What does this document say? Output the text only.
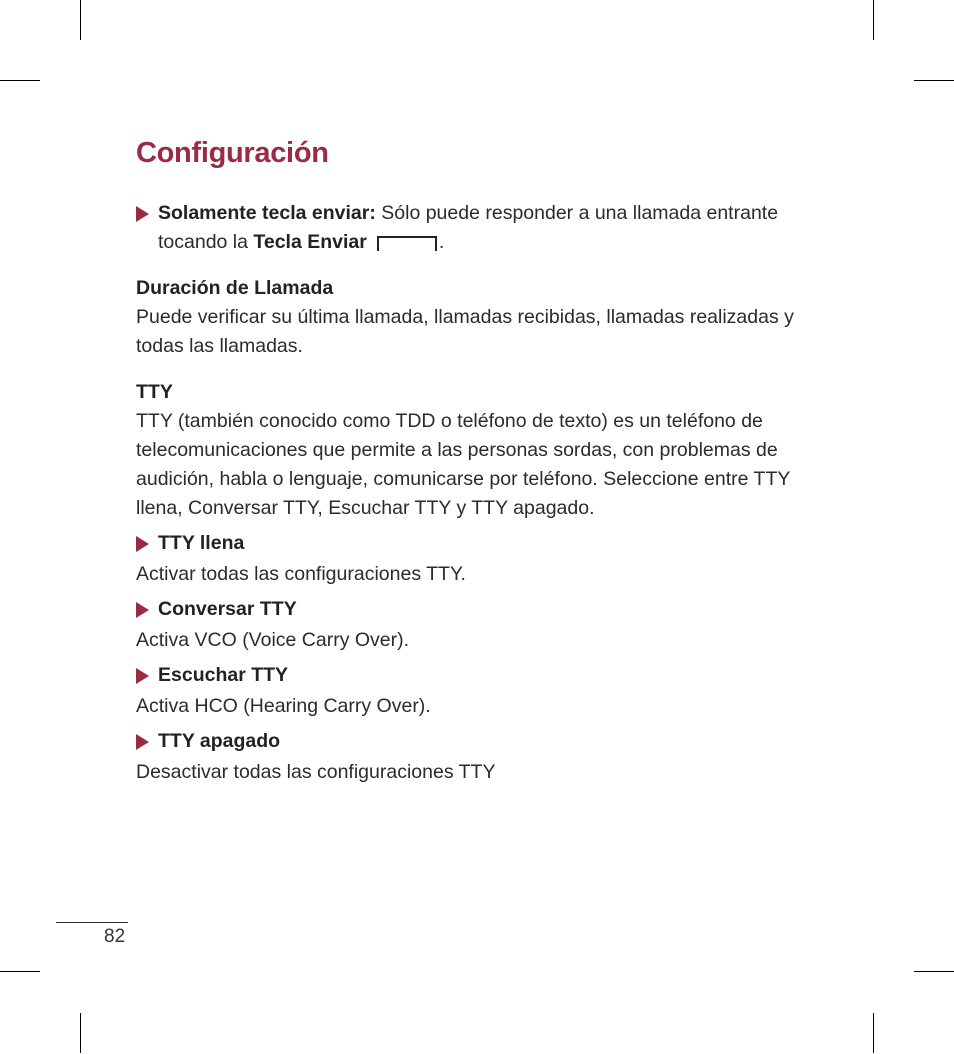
Configuración
Solamente tecla enviar: Sólo puede responder a una llamada entrante tocando la Tecla Enviar	.
Duración de Llamada

Puede verificar su última llamada, llamadas recibidas, llamadas realizadas y todas las llamadas.

TTY

TTY (también conocido como TDD o teléfono de texto) es un teléfono de telecomunicaciones que permite a las personas sordas, con problemas de audición, habla o lenguaje, comunicarse por teléfono. Seleccione entre TTY llena, Conversar TTY, Escuchar TTY y TTY apagado.

TTY llena

Activar todas las configuraciones TTY.

Conversar TTY

Activa VCO (Voice Carry Over).

Escuchar TTY

Activa HCO (Hearing Carry Over).

TTY apagado

Desactivar todas las configuraciones TTY

82
